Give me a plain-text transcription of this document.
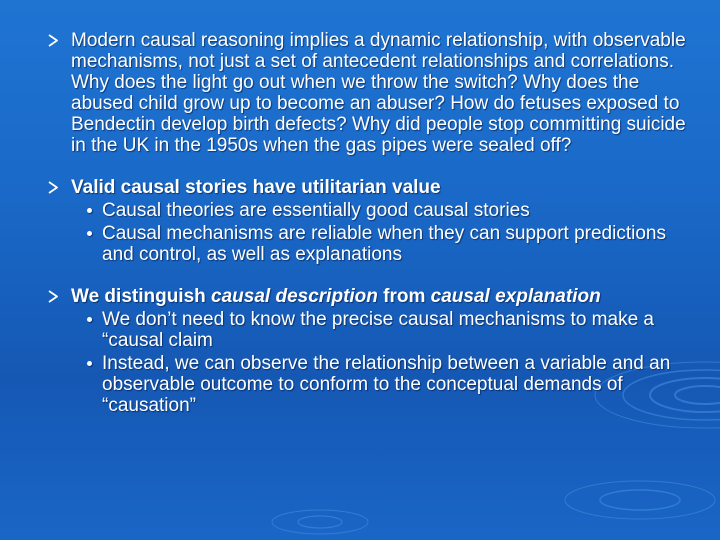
Modern causal reasoning implies a dynamic relationship, with observable mechanisms, not just a set of antecedent relationships and correlations. Why does the light go out when we throw the switch? Why does the abused child grow up to become an abuser? How do fetuses exposed to Bendectin develop birth defects? Why did people stop committing suicide in the UK in the 1950s when the gas pipes were sealed off?
Valid causal stories have utilitarian value
Causal theories are essentially good causal stories
Causal mechanisms are reliable when they can support predictions and control, as well as explanations
We distinguish causal description from causal explanation
We don’t need to know the precise causal mechanisms to make a “causal claim
Instead, we can observe the relationship between a variable and an observable outcome to conform to the conceptual demands of “causation”
